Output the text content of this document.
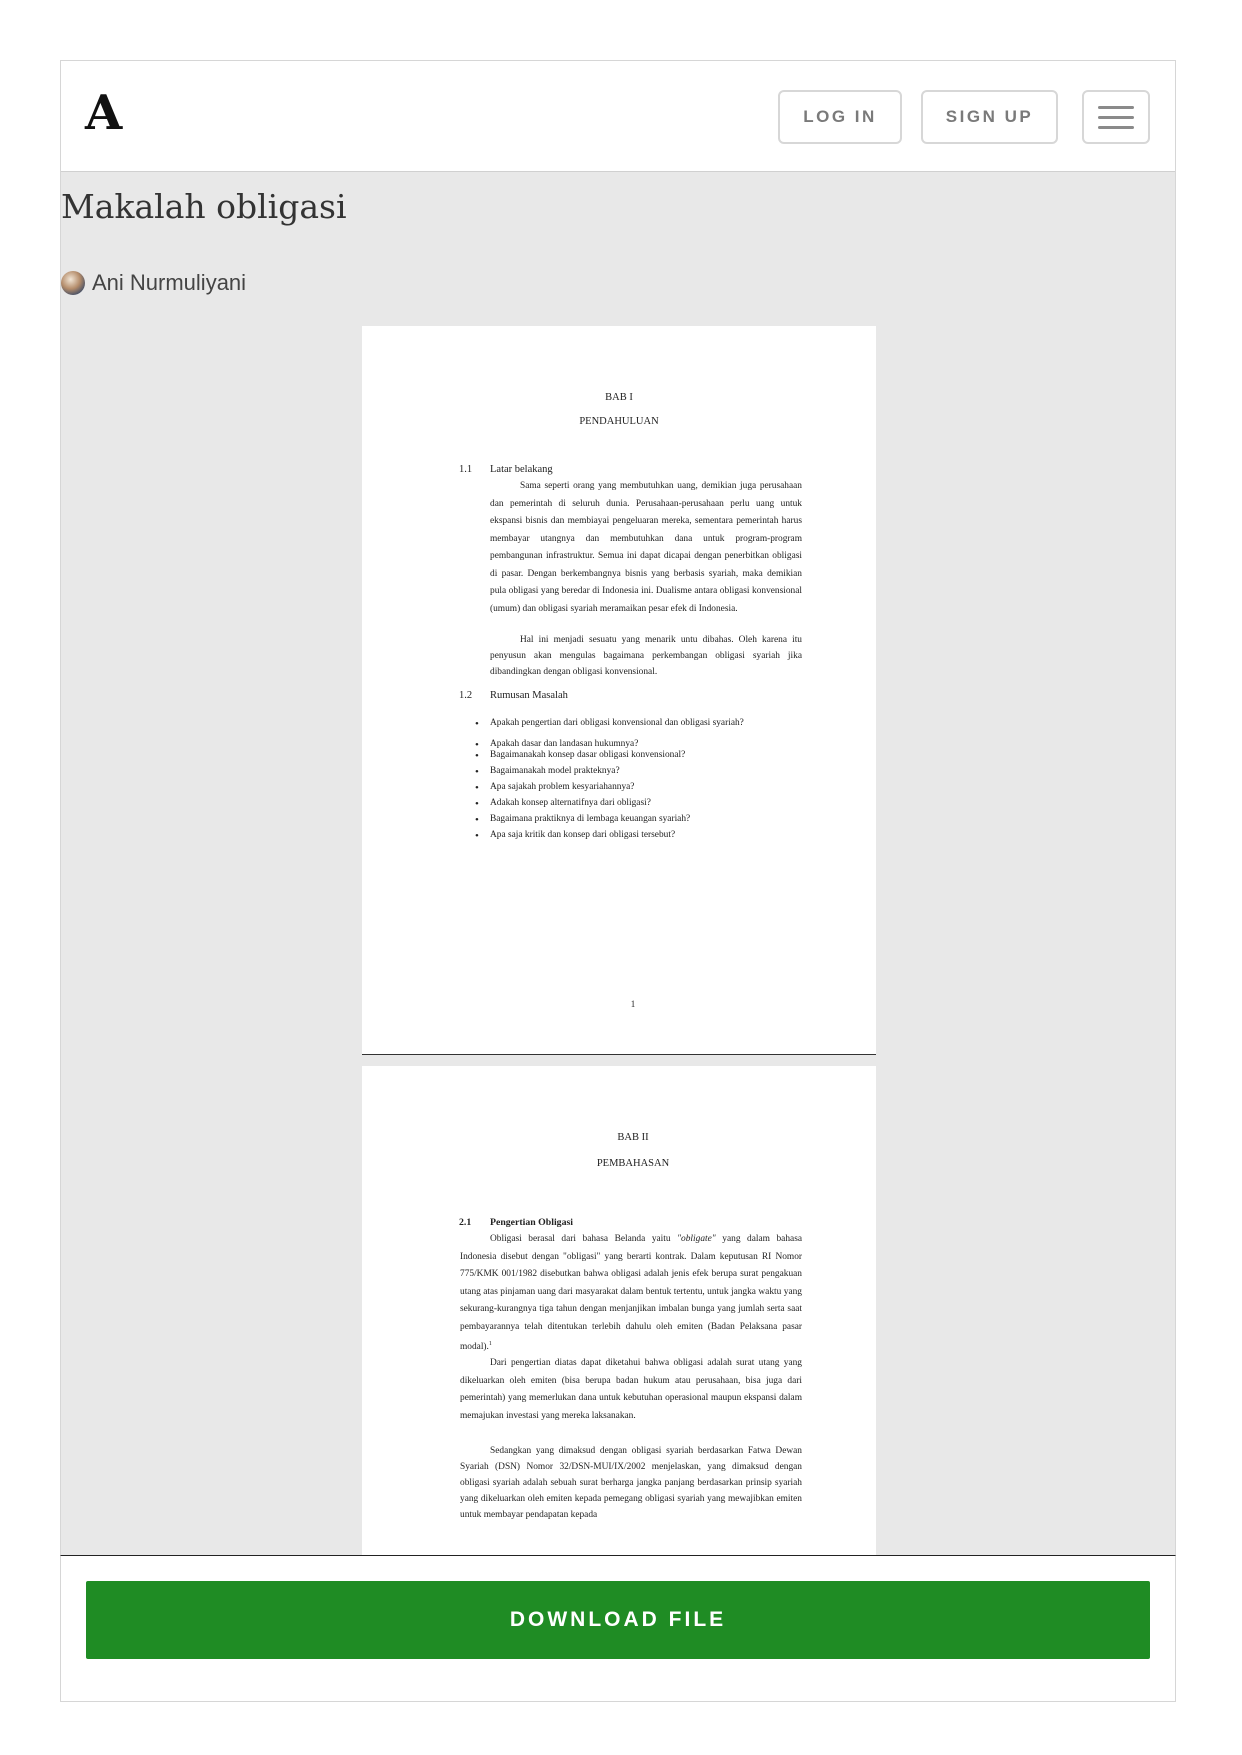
A	LOG IN	SIGN UP
Makalah obligasi
Ani Nurmuliyani
BAB I
PENDAHULUAN
1.1 Latar belakang

Sama seperti orang yang membutuhkan uang, demikian juga perusahaan dan pemerintah di seluruh dunia. Perusahaan-perusahaan perlu uang untuk ekspansi bisnis dan membiayai pengeluaran mereka, sementara pemerintah harus membayar utangnya dan membutuhkan dana untuk program-program pembangunan infrastruktur. Semua ini dapat dicapai dengan penerbitkan obligasi di pasar. Dengan berkembangnya bisnis yang berbasis syariah, maka demikian pula obligasi yang beredar di Indonesia ini. Dualisme antara obligasi konvensional (umum) dan obligasi syariah meramaikan pesar efek di Indonesia.

Hal ini menjadi sesuatu yang menarik untu dibahas. Oleh karena itu penyusun akan mengulas bagaimana perkembangan obligasi syariah jika dibandingkan dengan obligasi konvensional.

1.2 Rumusan Masalah
• Apakah pengertian dari obligasi konvensional dan obligasi syariah?
• Apakah dasar dan landasan hukumnya?
• Bagaimanakah konsep dasar obligasi konvensional?
• Bagaimanakah model prakteknya?
• Apa sajakah problem kesyariahannya?
• Adakah konsep alternatifnya dari obligasi?
• Bagaimana praktiknya di lembaga keuangan syariah?
• Apa saja kritik dan konsep dari obligasi tersebut?
1
BAB II
PEMBAHASAN
2.1 Pengertian Obligasi

Obligasi berasal dari bahasa Belanda yaitu "obligate" yang dalam bahasa Indonesia disebut dengan "obligasi" yang berarti kontrak. Dalam keputusan RI Nomor 775/KMK 001/1982 disebutkan bahwa obligasi adalah jenis efek berupa surat pengakuan utang atas pinjaman uang dari masyarakat dalam bentuk tertentu, untuk jangka waktu yang sekurang-kurangnya tiga tahun dengan menjanjikan imbalan bunga yang jumlah serta saat pembayarannya telah ditentukan terlebih dahulu oleh emiten (Badan Pelaksana pasar modal).$^1$

Dari pengertian diatas dapat diketahui bahwa obligasi adalah surat utang yang dikeluarkan oleh emiten (bisa berupa badan hukum atau perusahaan, bisa juga dari pemerintah) yang memerlukan dana untuk kebutuhan operasional maupun ekspansi dalam memajukan investasi yang mereka laksanakan.

Sedangkan yang dimaksud dengan obligasi syariah berdasarkan Fatwa Dewan Syariah (DSN) Nomor 32/DSN-MUI/IX/2002 menjelaskan, yang dimaksud dengan obligasi syariah adalah sebuah surat berharga jangka panjang berdasarkan prinsip syariah yang dikeluarkan oleh emiten kepada pemegang obligasi syariah yang mewajibkan emiten untuk membayar pendapatan kepada

DOWNLOAD FILE
